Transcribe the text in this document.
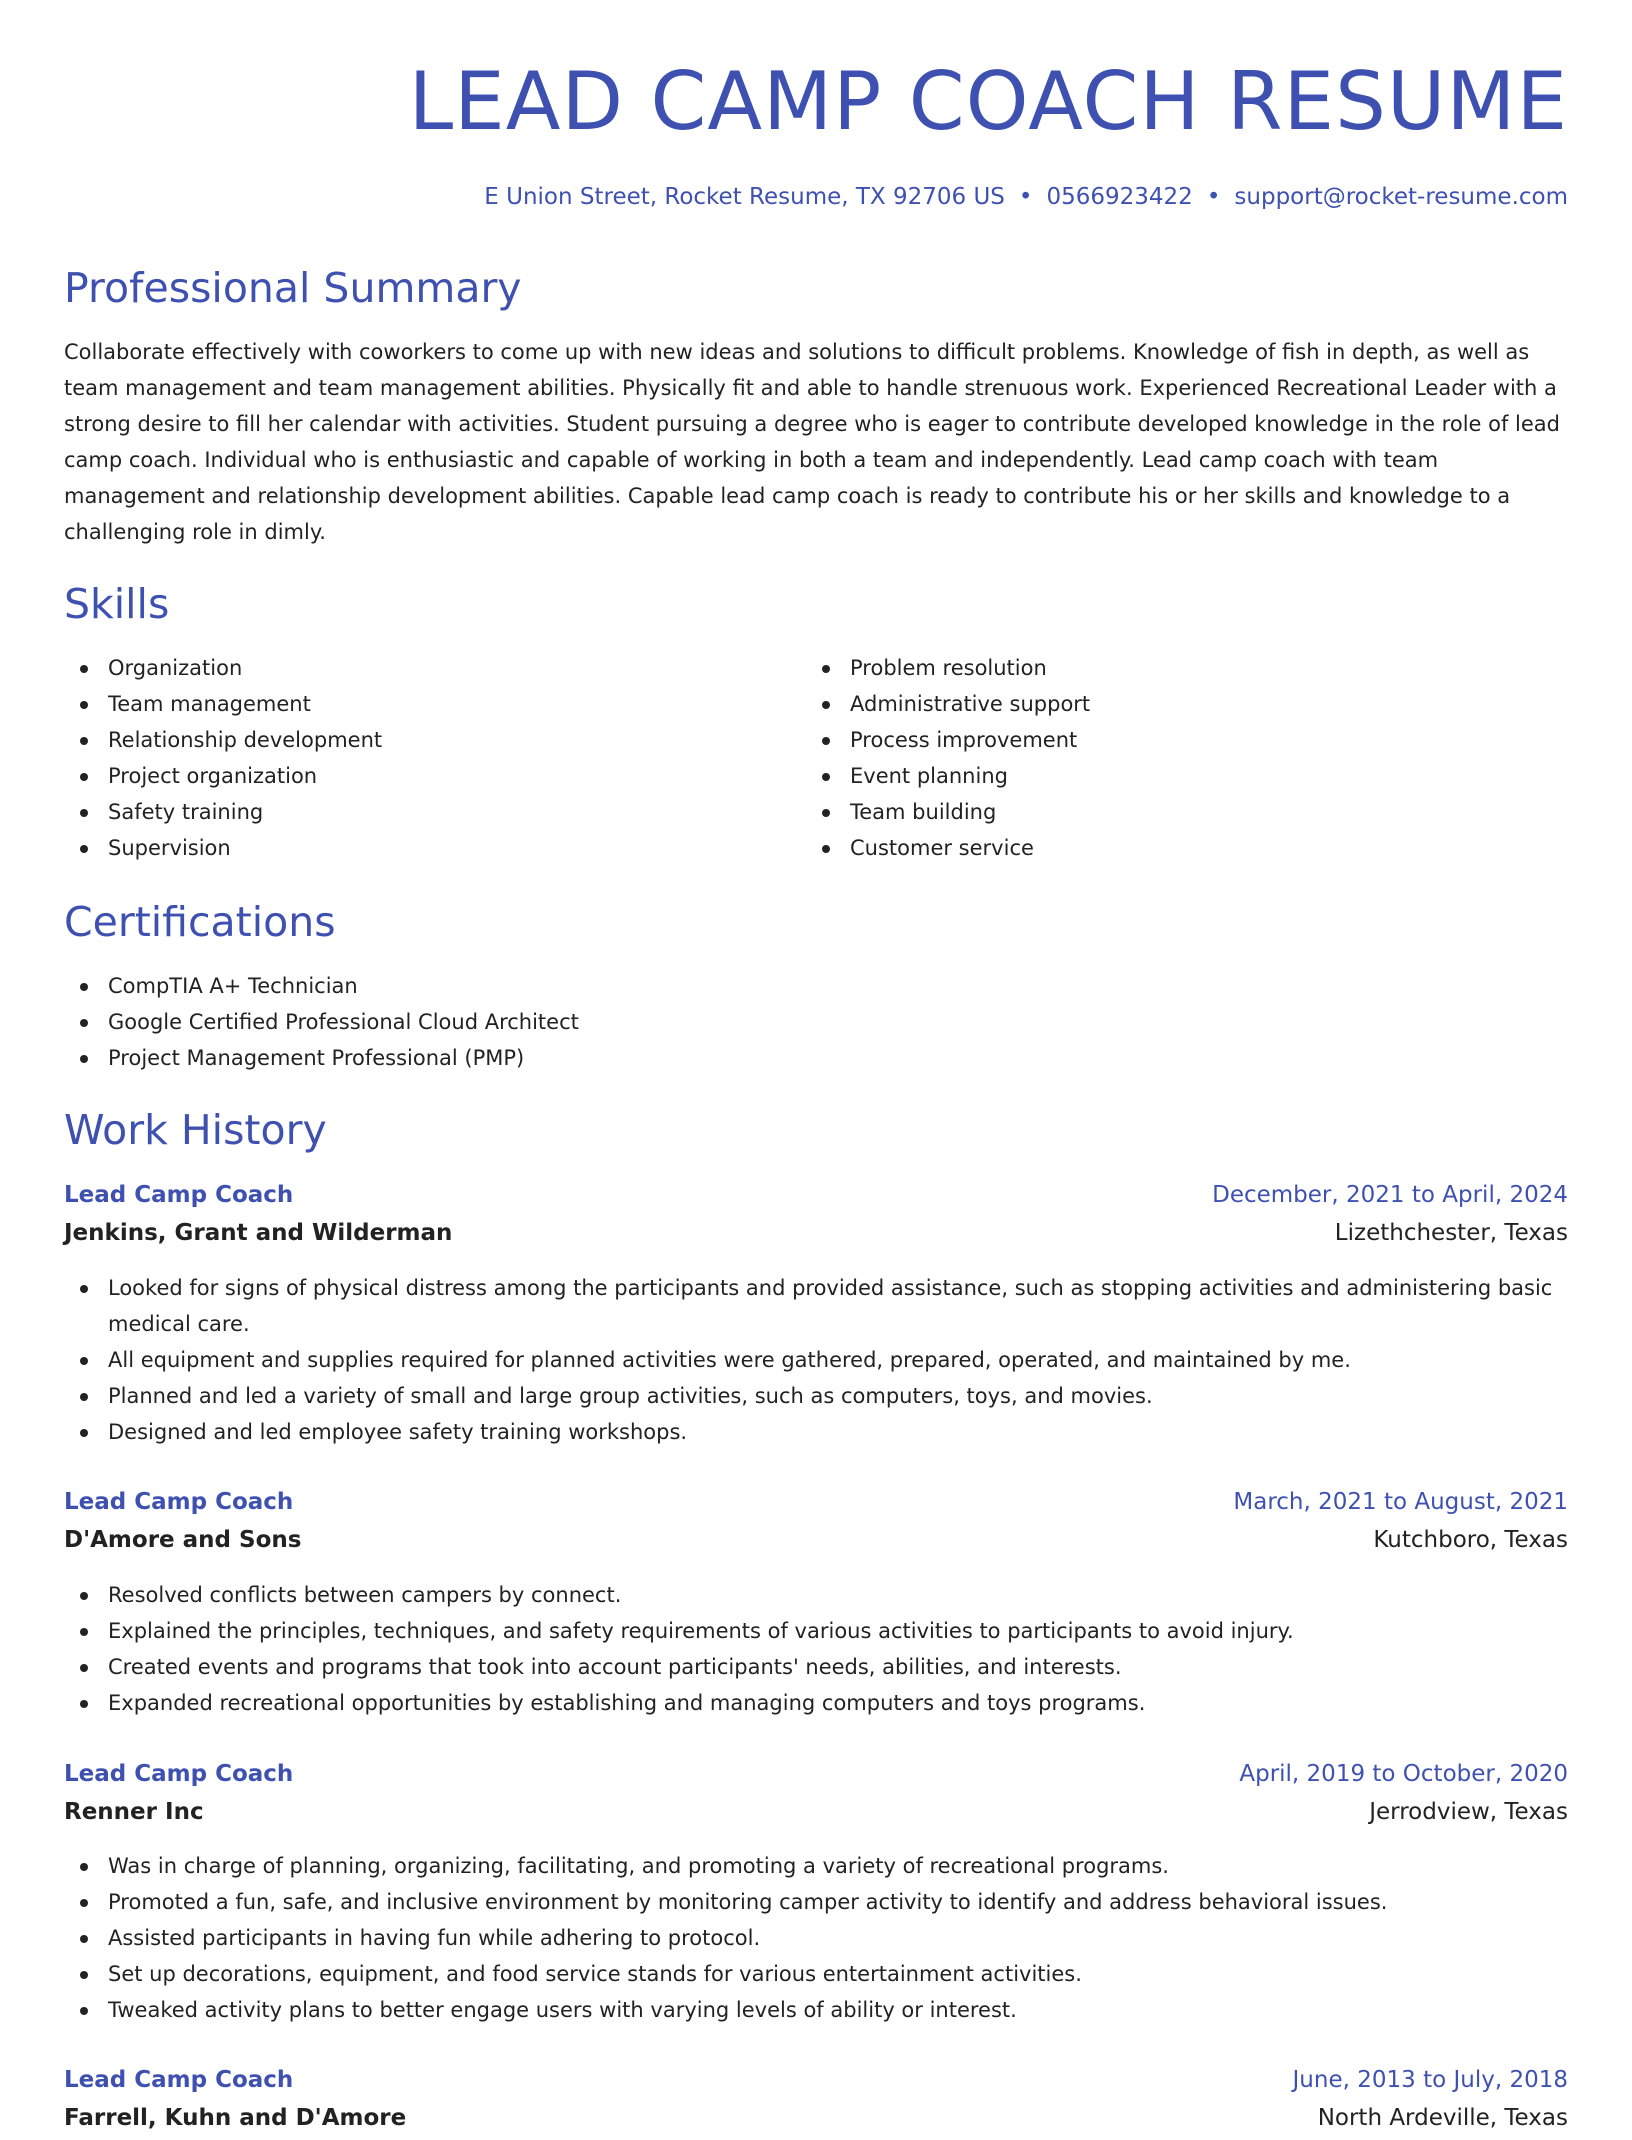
LEAD CAMP COACH RESUME
E Union Street, Rocket Resume, TX 92706 US • 0566923422 • support@rocket-resume.com
Professional Summary

Collaborate effectively with coworkers to come up with new ideas and solutions to difficult problems. Knowledge of fish in depth, as well as team management and team management abilities. Physically fit and able to handle strenuous work. Experienced Recreational Leader with a strong desire to fill her calendar with activities. Student pursuing a degree who is eager to contribute developed knowledge in the role of lead camp coach. Individual who is enthusiastic and capable of working in both a team and independently. Lead camp coach with team management and relationship development abilities. Capable lead camp coach is ready to contribute his or her skills and knowledge to a challenging role in dimly.

Skills
Organization
Team management
Relationship development
Project organization
Safety training
Supervision
Problem resolution
Administrative support
Process improvement
Event planning
Team building
Customer service
Certifications
CompTIA A+ Technician
Google Certified Professional Cloud Architect
Project Management Professional (PMP)
Work History
Lead Camp Coach	December, 2021 to April, 2024
Jenkins, Grant and Wilderman	Lizethchester, Texas
Looked for signs of physical distress among the participants and provided assistance, such as stopping activities and administering basic medical care.
All equipment and supplies required for planned activities were gathered, prepared, operated, and maintained by me.
Planned and led a variety of small and large group activities, such as computers, toys, and movies.
Designed and led employee safety training workshops.
Lead Camp Coach	March, 2021 to August, 2021
D'Amore and Sons	Kutchboro, Texas
Resolved conflicts between campers by connect.
Explained the principles, techniques, and safety requirements of various activities to participants to avoid injury.
Created events and programs that took into account participants' needs, abilities, and interests.
Expanded recreational opportunities by establishing and managing computers and toys programs.
Lead Camp Coach	April, 2019 to October, 2020
Renner Inc	Jerrodview, Texas
Was in charge of planning, organizing, facilitating, and promoting a variety of recreational programs.
Promoted a fun, safe, and inclusive environment by monitoring camper activity to identify and address behavioral issues.
Assisted participants in having fun while adhering to protocol.
Set up decorations, equipment, and food service stands for various entertainment activities.
Tweaked activity plans to better engage users with varying levels of ability or interest.
Lead Camp Coach	June, 2013 to July, 2018
Farrell, Kuhn and D'Amore	North Ardeville, Texas
